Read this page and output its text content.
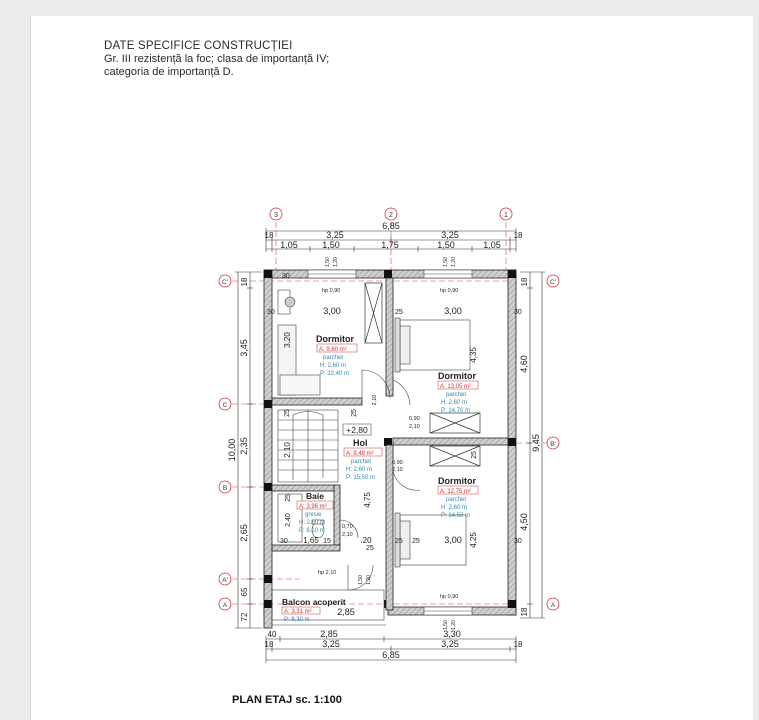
DATE SPECIFICE CONSTRUCȚIEI
Gr. III rezistență la foc; clasa de importanță IV;
categoria de importanță D.
3	2	1
6,85
18	3,25	3,25	18
1,05	1,50	1,75	1,50	1,05
C'
C
B
A'
A
10,00
18
3,45
2,35
2,65
65
72
C'
B'
A
18
4,60
4,50
18
9,45
40	2,85	3,30
18	3,25	3,25	18
6,85
Dormitor
A: 9,60 m²
parchet
H: 2,60 m
P: 12,40 m	Dormitor
A: 13,05 m²
parchet
H: 2,60 m
P: 14,70 m
Hol
A: 9,48 m²
parchet
H: 2,60 m
P: 15,50 m	Dormitor
A: 12,75 m²
parchet
H: 2,60 m
P: 14,50 m
Baie
A: 3,96 m²
gresie
H: 2,60 m
P: 8,10 m
Balcon acoperit
A: 3,31 m²
P: 8,30 m
+2,80
hp 0,90	hp 0,90
hp 0,90
hp 2,10
3,00	3,00
3,00
3,20
4,35
4,25
4,75
2,10
2,85
1,65 15	.20
2,40
30	25	30
25	25
25
25
25
30	30
30
25
25
0,90
2,10
0,90
2,10
0,70
2,10
2,10
1,50 1,20	1,50 1,20
1,50 1,20
1,50 1,20
PLAN ETAJ sc. 1:100
